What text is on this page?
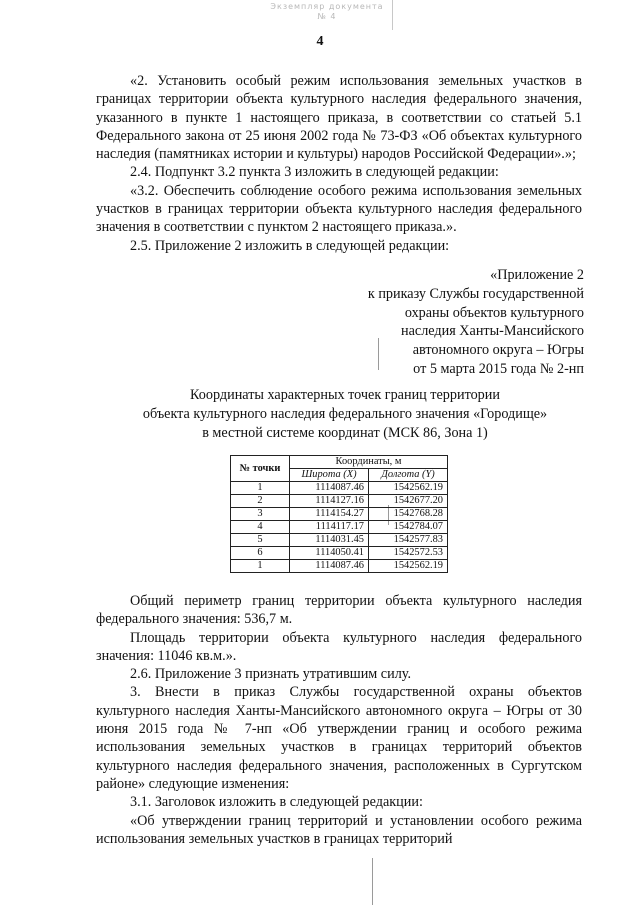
Экземпляр документа
№ 4
4

«2. Установить особый режим использования земельных участков в границах территории объекта культурного наследия федерального значения, указанного в пункте 1 настоящего приказа, в соответствии со статьей 5.1 Федерального закона от 25 июня 2002 года № 73-ФЗ «Об объектах культурного наследия (памятниках истории и культуры) народов Российской Федерации».»;

2.4. Подпункт 3.2 пункта 3 изложить в следующей редакции:

«3.2. Обеспечить соблюдение особого режима использования земельных участков в границах территории объекта культурного наследия федерального значения в соответствии с пунктом 2 настоящего приказа.».

2.5. Приложение 2 изложить в следующей редакции:

«Приложение 2
к приказу Службы государственной
охраны объектов культурного
наследия Ханты-Мансийского
автономного округа – Югры
от 5 марта 2015 года № 2-нп
Координаты характерных точек границ территории
объекта культурного наследия федерального значения «Городище»
в местной системе координат (МСК 86, Зона 1)
№ точки	Координаты, м	
	Широта (X)	Долгота (Y)
1	1114087.46	1542562.19
2	1114127.16	1542677.20
3	1114154.27	1542768.28
4	1114117.17	1542784.07
5	1114031.45	1542577.83
6	1114050.41	1542572.53
1	1114087.46	1542562.19

Общий периметр границ территории объекта культурного наследия федерального значения: 536,7 м.

Площадь территории объекта культурного наследия федерального значения: 11046 кв.м.».

2.6. Приложение 3 признать утратившим силу.

3. Внести в приказ Службы государственной охраны объектов культурного наследия Ханты-Мансийского автономного округа – Югры от 30 июня 2015 года № 7-нп «Об утверждении границ и особого режима использования земельных участков в границах территорий объектов культурного наследия федерального значения, расположенных в Сургутском районе» следующие изменения:

3.1. Заголовок изложить в следующей редакции:

«Об утверждении границ территорий и установлении особого режима использования земельных участков в границах территорий
